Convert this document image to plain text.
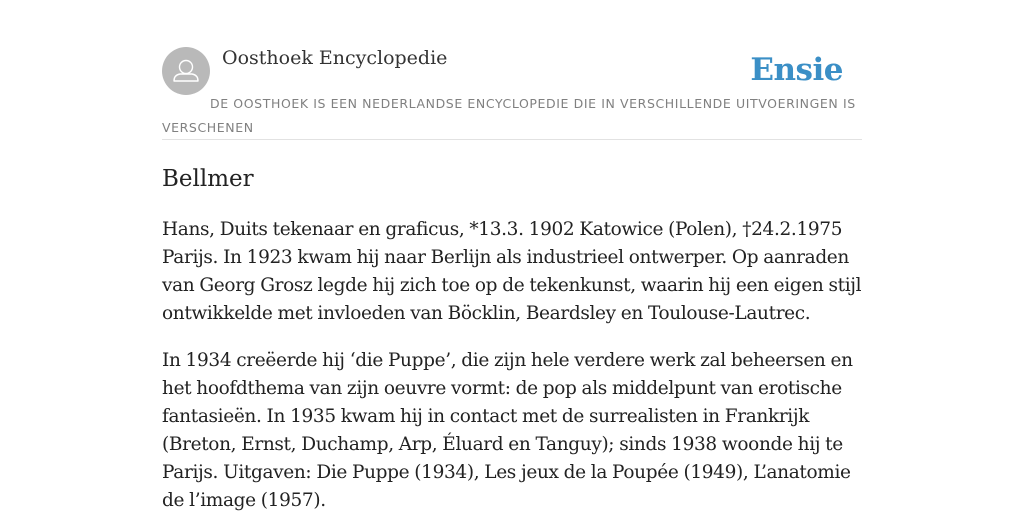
Oosthoek Encyclopedie	Ensie

DE OOSTHOEK IS EEN NEDERLANDSE ENCYCLOPEDIE DIE IN VERSCHILLENDE UITVOERINGEN IS VERSCHENEN

Bellmer

Hans, Duits tekenaar en graficus, *13.3. 1902 Katowice (Polen), †24.2.1975 Parijs. In 1923 kwam hij naar Berlijn als industrieel ontwerper. Op aanraden van Georg Grosz legde hij zich toe op de tekenkunst, waarin hij een eigen stijl ontwikkelde met invloeden van Böcklin, Beardsley en Toulouse-Lautrec.

In 1934 creëerde hij ‘die Puppe’, die zijn hele verdere werk zal beheersen en het hoofdthema van zijn oeuvre vormt: de pop als middelpunt van erotische fantasieën. In 1935 kwam hij in contact met de surrealisten in Frankrijk (Breton, Ernst, Duchamp, Arp, Éluard en Tanguy); sinds 1938 woonde hij te Parijs. Uitgaven: Die Puppe (1934), Les jeux de la Poupée (1949), L’anatomie de l’image (1957).
